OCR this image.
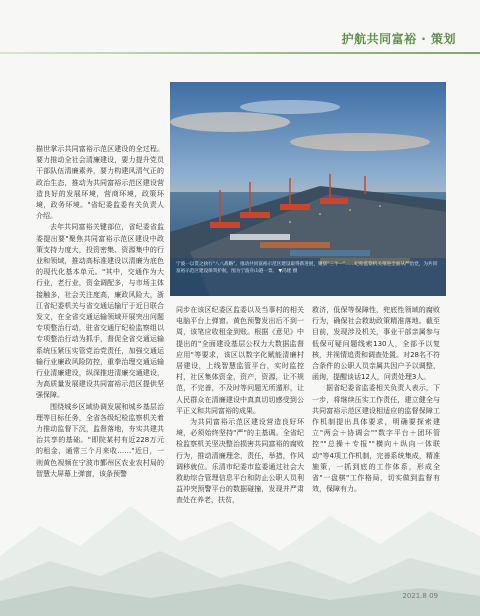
护航共同富裕 · 策划
宁波一以贯之执行"八八战略"，推动共同富裕示范区建设取得新进展，聚焦"三个一"……纪检监察机关推进全面从严治党，为共同富裕示范区建设保驾护航，图为宁波舟山港一景。 ▼冯建 摄

描世掌示共同富裕示范区建设的全过程。要力推动全社会清廉建设，要力提升党员干部队伍清廉素养，要力构建风清气正的政治生态，推动为共同富裕示范区建设营造良好的发展环境，营商环境，政策环境，政务环境。"省纪委监委有关负责人介绍。

去年共同富裕关键部位，省纪委省监委提出要"聚焦共同富裕示范区建设中政策支持力度大，投资密集、资源集中的行业和领域，推动高标准建设以清廉为底色的现代化基本单元。"其中，交通作为大行业，老行业，资金调配多，与市场主体接触多，社会关注度高，廉政风险大，浙江省纪委机关与省交通运输厅于近日联合发文，在全省交通运输领域开展突出问题专项整治行动，驻省交通厅纪检监察组以专项整治行动为抓手，督促全省交通运输系统压紧压实管党治党责任，加强交通运输行业廉政风险防控，重拳治理交通运输行业清廉建设，纵深推进清廉交通建设，为高质量发展建设共同富裕示范区提供坚强保障。

围绕城乡区域协调发展和城乡基层治理等目标任务，全省各级纪检监察机关着力推动监督下沉，监督落地，夯实共建共治共享的基础。"即院某村有近228万元的租金，通常三个月来收……"近日，一则黄色视频在宁波市鄞州区农业农村局的智慧大屏幕上弹窗，该条预警

同步在该区纪委区监委以及当事村的相关电脑平台上弹窗。黄色预警发出后不到一周，该笔应收租金到账。根据《意见》中提出的"全面建设基层公权力大数据监督应用"等要求，该区以数字化赋能清廉村居建设，上线智慧监管平台，实时监控村，社区集体资金，资产，资源，让不规范，不完善，不及时等问题无所遁形，让人民群众在清廉建设中真真切切感受到公平正义和共同富裕的成果。

为共同富裕示范区建设营造良好环境，必须始终坚持"严"的主基调。全省纪检监察机关坚决整治损害共同富裕的腐败行为，推动清廉理念，责任，举措，作风调移就位。乐清市纪委市监委通过社会大救助综合管理信息平台和防止公职人员利益冲突预警平台的数据碰撞，发现并严肃查处在养老，扶贫，

救济，低保等保障性，兜底性领域的腐败行为，确保社会救助政策精准落地。截至目前，发现涉及机关，事业干部亲属参与低保可疑问题线索130人，全部予以复核，并视情追责和调查处置。对28名不符合条件的公职人员亲属共因户予以调整，函询，提醒谈话12人，问责处理3人。

据省纪委省监委相关负责人表示，下一步，将继续压实工作责任，建立健全与共同富裕示范区建设相适应的监督保障工作机制提出具体要求，明确要探索建立"两会＋协调会""数字平台＋团环管控""总操＋专报""横向＋纵向一体联动"等4项工作机制，完善系统集成，精准施策，一抓到底的工作体系，形成全省"一盘棋"工作格局，切实做到监督有效，保障有力。

2021.8 09
